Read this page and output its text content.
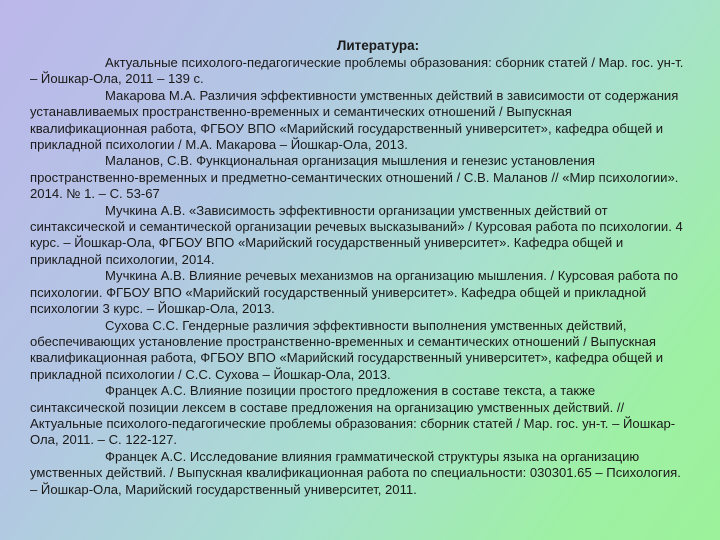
Литература:

Актуальные психолого-педагогические проблемы образования: сборник статей / Мар. гос. ун-т. – Йошкар-Ола, 2011 – 139 с.

Макарова М.А. Различия эффективности умственных действий в зависимости от содержания устанавливаемых пространственно-временных и семантических отношений / Выпускная квалификационная работа, ФГБОУ ВПО «Марийский государственный университет», кафедра общей и прикладной психологии / М.А. Макарова – Йошкар-Ола, 2013.

Маланов, С.В. Функциональная организация мышления и генезис установления пространственно-временных и предметно-семантических отношений / С.В. Маланов // «Мир психологии». 2014. № 1. – С. 53-67

Мучкина А.В. «Зависимость эффективности организации умственных действий от синтаксической и семантической организации речевых высказываний» / Курсовая работа по психологии. 4 курс. – Йошкар-Ола, ФГБОУ ВПО «Марийский государственный университет». Кафедра общей и прикладной психологии, 2014.

Мучкина А.В. Влияние речевых механизмов на организацию мышления. / Курсовая работа по психологии. ФГБОУ ВПО «Марийский государственный университет». Кафедра общей и прикладной психологии 3 курс. – Йошкар-Ола, 2013.

Сухова С.С. Гендерные различия эффективности выполнения умственных действий, обеспечивающих установление пространственно-временных и семантических отношений / Выпускная квалификационная работа, ФГБОУ ВПО «Марийский государственный университет», кафедра общей и прикладной психологии / С.С. Сухова – Йошкар-Ола, 2013.

Францек А.С. Влияние позиции простого предложения в составе текста, а также синтаксической позиции лексем в составе предложения на организацию умственных действий. // Актуальные психолого-педагогические проблемы образования: сборник статей / Мар. гос. ун-т. – Йошкар-Ола, 2011. – С. 122-127.

Францек А.С. Исследование влияния грамматической структуры языка на организацию умственных действий. / Выпускная квалификационная работа по специальности: 030301.65 – Психология. – Йошкар-Ола, Марийский государственный университет, 2011.
